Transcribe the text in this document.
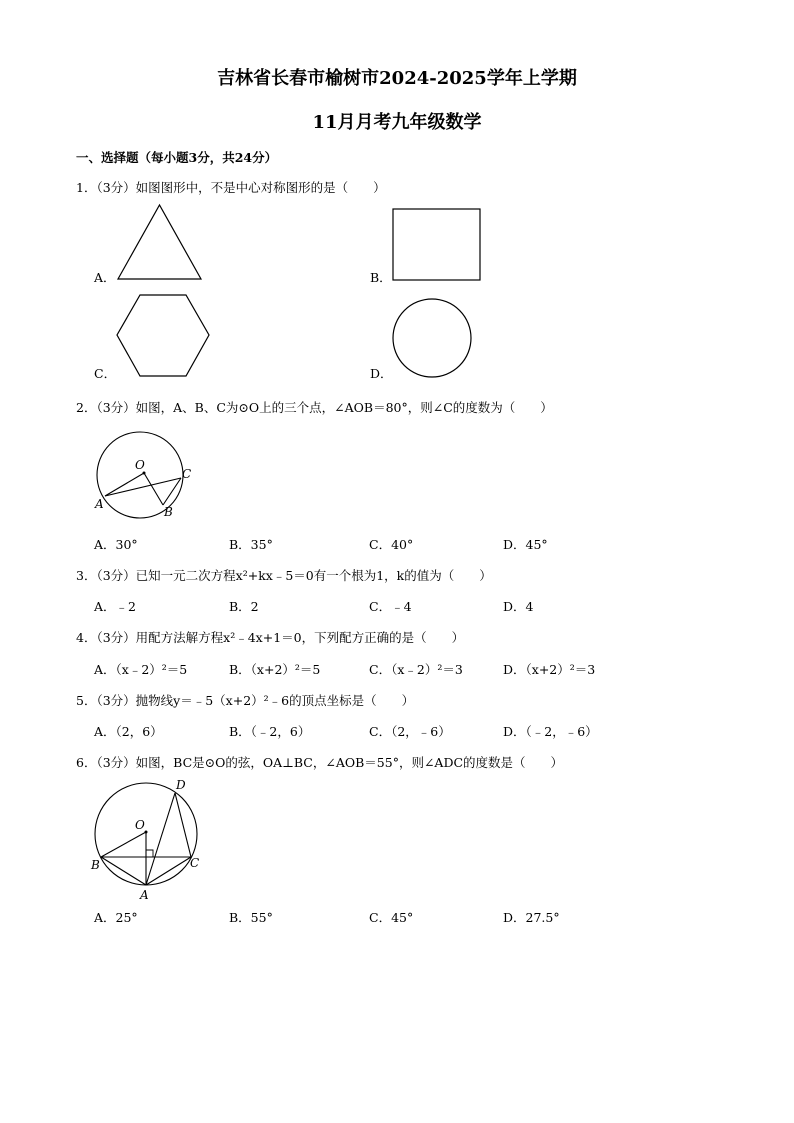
吉林省长春市榆树市2024-2025学年上学期
11月月考九年级数学
一、选择题（每小题3分，共24分）
1．（3分）如图图形中，不是中心对称图形的是（　　）
A．	B．
C．	D．
2．（3分）如图，A、B、C为⊙O上的三个点，∠AOB＝80°，则∠C的度数为（　　）
O
C
A
B
A．30°	B．35°	C．40°	D．45°
3．（3分）已知一元二次方程x²+kx﹣5＝0有一个根为1，k的值为（　　）
A．﹣2	B．2	C．﹣4	D．4
4．（3分）用配方法解方程x²﹣4x+1＝0，下列配方正确的是（　　）
A．（x﹣2）²＝5	B．（x+2）²＝5	C．（x﹣2）²＝3	D．（x+2）²＝3
5．（3分）抛物线y＝﹣5（x+2）²﹣6的顶点坐标是（　　）
A．（2，6）	B．（﹣2，6）	C．（2，﹣6）	D．（﹣2，﹣6）
6．（3分）如图，BC是⊙O的弦，OA⊥BC，∠AOB＝55°，则∠ADC的度数是（　　）
D
O
B	C
A
A．25°	B．55°	C．45°	D．27.5°
